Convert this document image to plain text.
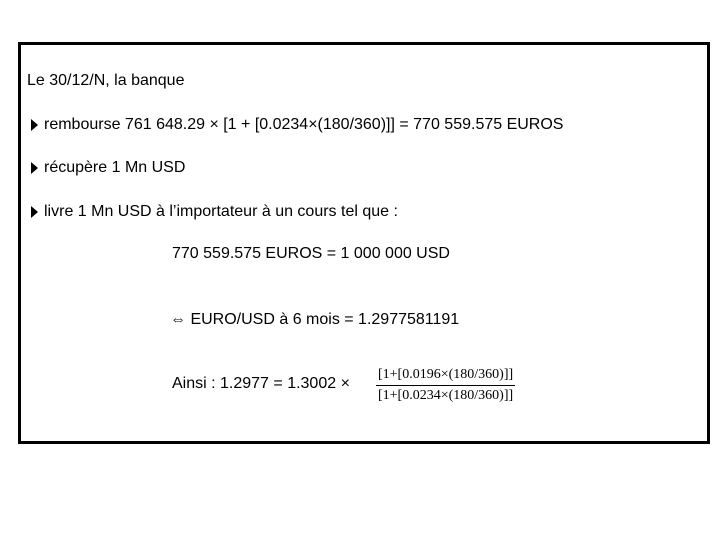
Le 30/12/N, la banque
rembourse 761 648.29 × [1 + [0.0234×(180/360)]] = 770 559.575 EUROS
récupère 1 Mn USD
livre 1 Mn USD à l’importateur à un cours tel que :
770 559.575 EUROS = 1 000 000 USD
⇔ EURO/USD à 6 mois = 1.2977581191
Ainsi : $1.2977 = 1.3002 \times \frac{[1+[0.0196\times(180/360)]]}{[1+[0.0234\times(180/360)]]}$
